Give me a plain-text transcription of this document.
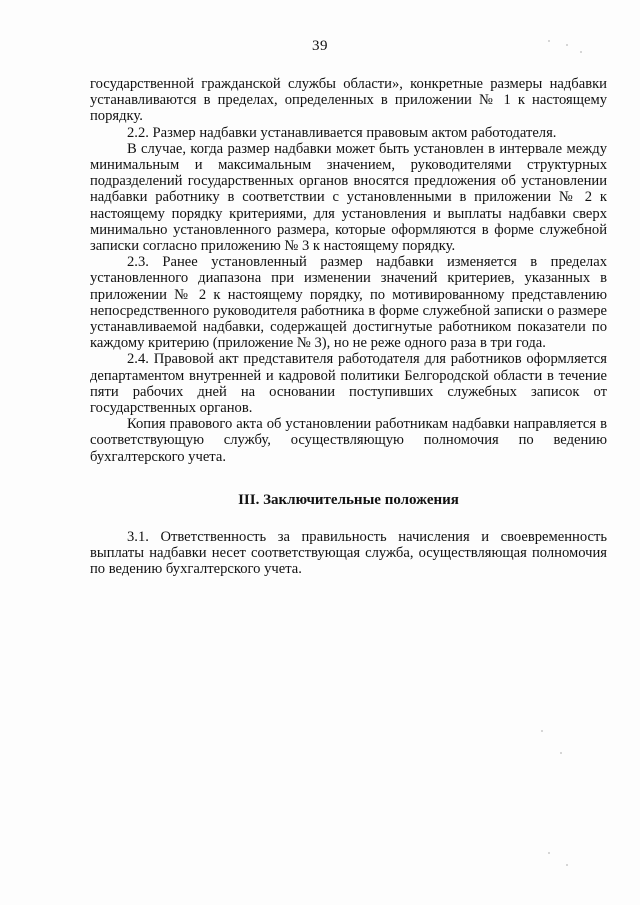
39

государственной гражданской службы области», конкретные размеры надбавки устанавливаются в пределах, определенных в приложении № 1 к настоящему порядку.

2.2. Размер надбавки устанавливается правовым актом работодателя.

В случае, когда размер надбавки может быть установлен в интервале между минимальным и максимальным значением, руководителями структурных подразделений государственных органов вносятся предложения об установлении надбавки работнику в соответствии с установленными в приложении № 2 к настоящему порядку критериями, для установления и выплаты надбавки сверх минимально установленного размера, которые оформляются в форме служебной записки согласно приложению № 3 к настоящему порядку.

2.3. Ранее установленный размер надбавки изменяется в пределах установленного диапазона при изменении значений критериев, указанных в приложении № 2 к настоящему порядку, по мотивированному представлению непосредственного руководителя работника в форме служебной записки о размере устанавливаемой надбавки, содержащей достигнутые работником показатели по каждому критерию (приложение № 3), но не реже одного раза в три года.

2.4. Правовой акт представителя работодателя для работников оформляется департаментом внутренней и кадровой политики Белгородской области в течение пяти рабочих дней на основании поступивших служебных записок от государственных органов.

Копия правового акта об установлении работникам надбавки направляется в соответствующую службу, осуществляющую полномочия по ведению бухгалтерского учета.

III. Заключительные положения

3.1. Ответственность за правильность начисления и своевременность выплаты надбавки несет соответствующая служба, осуществляющая полномочия по ведению бухгалтерского учета.
